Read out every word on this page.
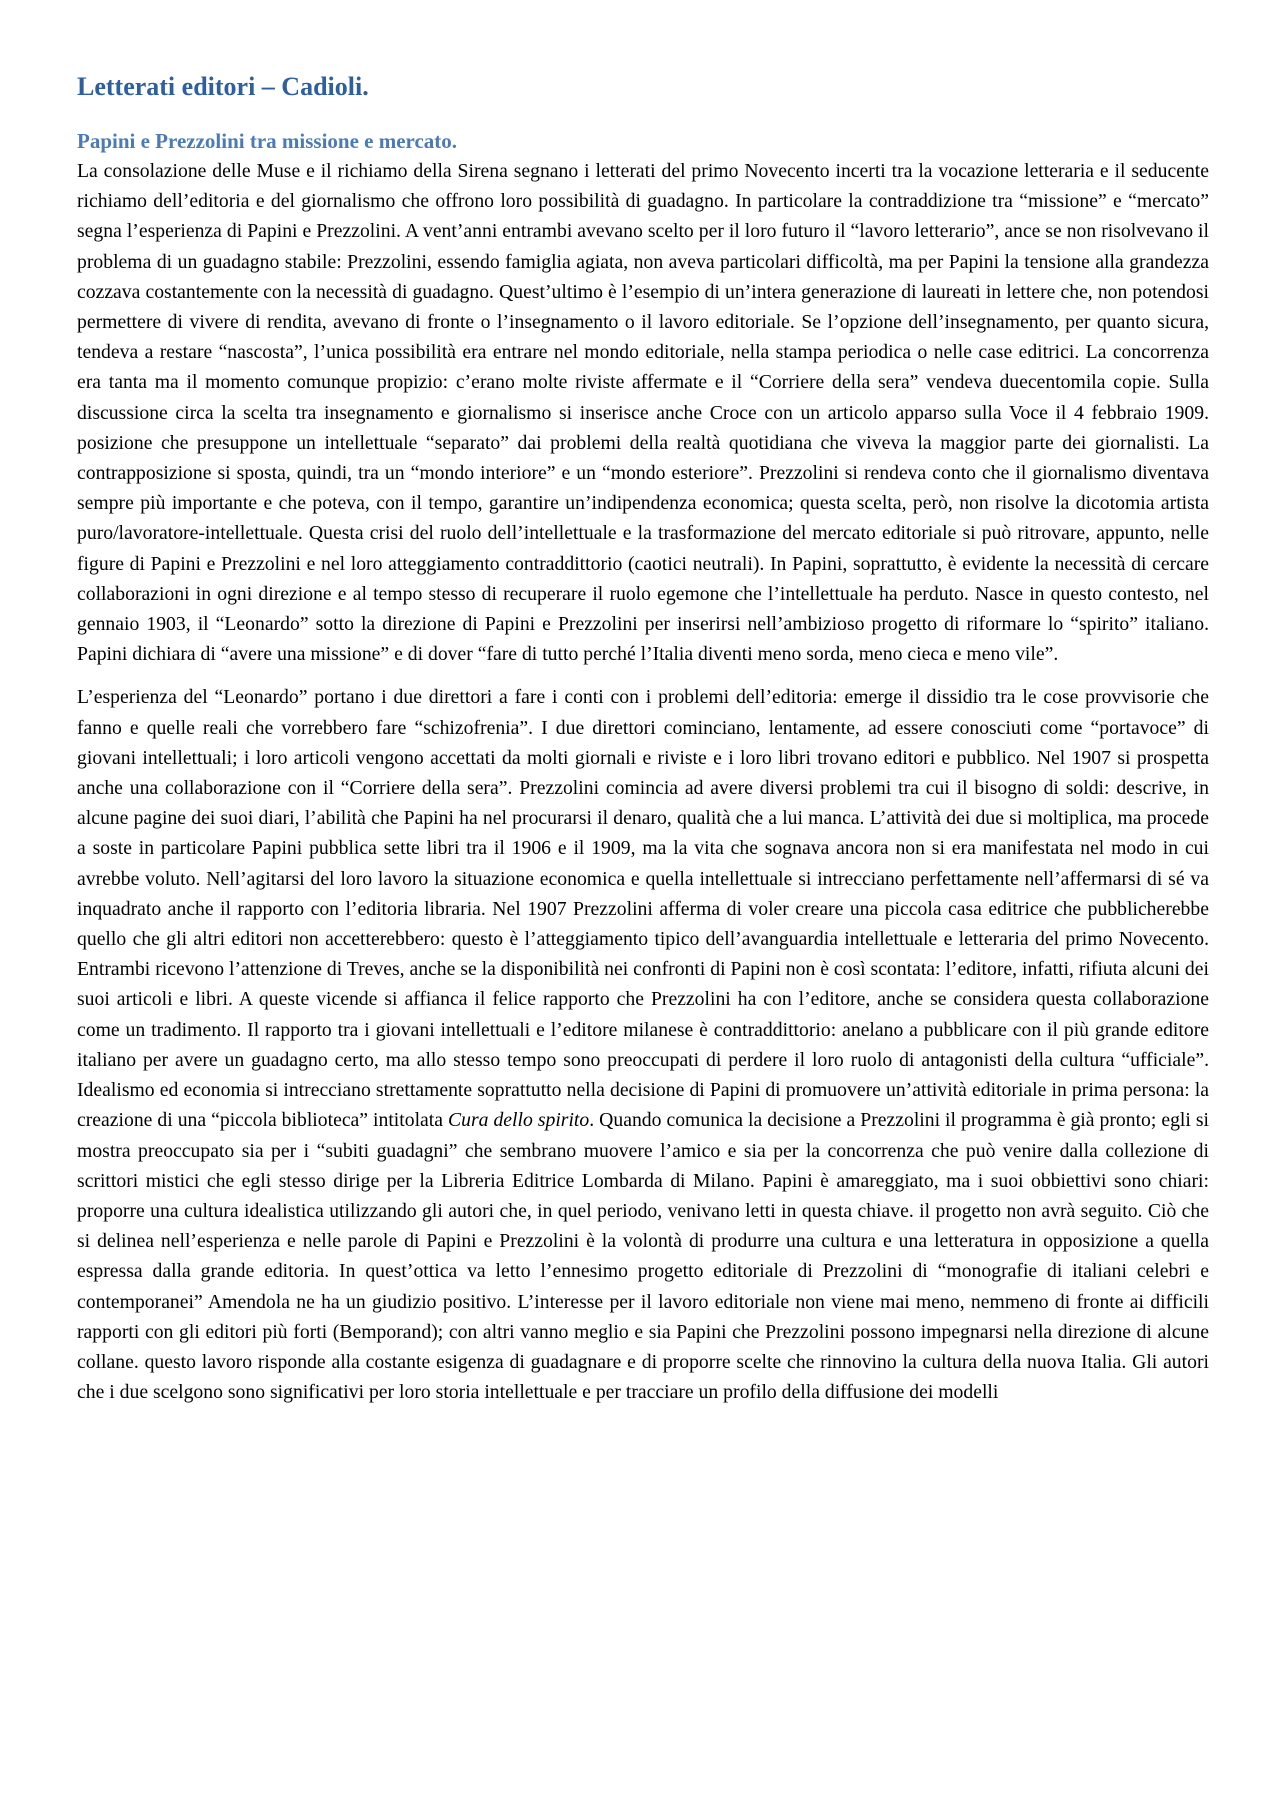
Letterati editori – Cadioli.
Papini e Prezzolini tra missione e mercato.

La consolazione delle Muse e il richiamo della Sirena segnano i letterati del primo Novecento incerti tra la vocazione letteraria e il seducente richiamo dell’editoria e del giornalismo che offrono loro possibilità di guadagno. In particolare la contraddizione tra “missione” e “mercato” segna l’esperienza di Papini e Prezzolini. A vent’anni entrambi avevano scelto per il loro futuro il “lavoro letterario”, ance se non risolvevano il problema di un guadagno stabile: Prezzolini, essendo famiglia agiata, non aveva particolari difficoltà, ma per Papini la tensione alla grandezza cozzava costantemente con la necessità di guadagno. Quest’ultimo è l’esempio di un’intera generazione di laureati in lettere che, non potendosi permettere di vivere di rendita, avevano di fronte o l’insegnamento o il lavoro editoriale. Se l’opzione dell’insegnamento, per quanto sicura, tendeva a restare “nascosta”, l’unica possibilità era entrare nel mondo editoriale, nella stampa periodica o nelle case editrici. La concorrenza era tanta ma il momento comunque propizio: c’erano molte riviste affermate e il “Corriere della sera” vendeva duecentomila copie. Sulla discussione circa la scelta tra insegnamento e giornalismo si inserisce anche Croce con un articolo apparso sulla Voce il 4 febbraio 1909. posizione che presuppone un intellettuale “separato” dai problemi della realtà quotidiana che viveva la maggior parte dei giornalisti. La contrapposizione si sposta, quindi, tra un “mondo interiore” e un “mondo esteriore”. Prezzolini si rendeva conto che il giornalismo diventava sempre più importante e che poteva, con il tempo, garantire un’indipendenza economica; questa scelta, però, non risolve la dicotomia artista puro/lavoratore-intellettuale. Questa crisi del ruolo dell’intellettuale e la trasformazione del mercato editoriale si può ritrovare, appunto, nelle figure di Papini e Prezzolini e nel loro atteggiamento contraddittorio (caotici neutrali). In Papini, soprattutto, è evidente la necessità di cercare collaborazioni in ogni direzione e al tempo stesso di recuperare il ruolo egemone che l’intellettuale ha perduto. Nasce in questo contesto, nel gennaio 1903, il “Leonardo” sotto la direzione di Papini e Prezzolini per inserirsi nell’ambizioso progetto di riformare lo “spirito” italiano. Papini dichiara di “avere una missione” e di dover “fare di tutto perché l’Italia diventi meno sorda, meno cieca e meno vile”.

L’esperienza del “Leonardo” portano i due direttori a fare i conti con i problemi dell’editoria: emerge il dissidio tra le cose provvisorie che fanno e quelle reali che vorrebbero fare “schizofrenia”. I due direttori cominciano, lentamente, ad essere conosciuti come “portavoce” di giovani intellettuali; i loro articoli vengono accettati da molti giornali e riviste e i loro libri trovano editori e pubblico. Nel 1907 si prospetta anche una collaborazione con il “Corriere della sera”. Prezzolini comincia ad avere diversi problemi tra cui il bisogno di soldi: descrive, in alcune pagine dei suoi diari, l’abilità che Papini ha nel procurarsi il denaro, qualità che a lui manca. L’attività dei due si moltiplica, ma procede a soste in particolare Papini pubblica sette libri tra il 1906 e il 1909, ma la vita che sognava ancora non si era manifestata nel modo in cui avrebbe voluto. Nell’agitarsi del loro lavoro la situazione economica e quella intellettuale si intrecciano perfettamente nell’affermarsi di sé va inquadrato anche il rapporto con l’editoria libraria. Nel 1907 Prezzolini afferma di voler creare una piccola casa editrice che pubblicherebbe quello che gli altri editori non accetterebbero: questo è l’atteggiamento tipico dell’avanguardia intellettuale e letteraria del primo Novecento. Entrambi ricevono l’attenzione di Treves, anche se la disponibilità nei confronti di Papini non è così scontata: l’editore, infatti, rifiuta alcuni dei suoi articoli e libri. A queste vicende si affianca il felice rapporto che Prezzolini ha con l’editore, anche se considera questa collaborazione come un tradimento. Il rapporto tra i giovani intellettuali e l’editore milanese è contraddittorio: anelano a pubblicare con il più grande editore italiano per avere un guadagno certo, ma allo stesso tempo sono preoccupati di perdere il loro ruolo di antagonisti della cultura “ufficiale”. Idealismo ed economia si intrecciano strettamente soprattutto nella decisione di Papini di promuovere un’attività editoriale in prima persona: la creazione di una “piccola biblioteca” intitolata Cura dello spirito. Quando comunica la decisione a Prezzolini il programma è già pronto; egli si mostra preoccupato sia per i “subiti guadagni” che sembrano muovere l’amico e sia per la concorrenza che può venire dalla collezione di scrittori mistici che egli stesso dirige per la Libreria Editrice Lombarda di Milano. Papini è amareggiato, ma i suoi obbiettivi sono chiari: proporre una cultura idealistica utilizzando gli autori che, in quel periodo, venivano letti in questa chiave. il progetto non avrà seguito. Ciò che si delinea nell’esperienza e nelle parole di Papini e Prezzolini è la volontà di produrre una cultura e una letteratura in opposizione a quella espressa dalla grande editoria. In quest’ottica va letto l’ennesimo progetto editoriale di Prezzolini di “monografie di italiani celebri e contemporanei” Amendola ne ha un giudizio positivo. L’interesse per il lavoro editoriale non viene mai meno, nemmeno di fronte ai difficili rapporti con gli editori più forti (Bemporand); con altri vanno meglio e sia Papini che Prezzolini possono impegnarsi nella direzione di alcune collane. questo lavoro risponde alla costante esigenza di guadagnare e di proporre scelte che rinnovino la cultura della nuova Italia. Gli autori che i due scelgono sono significativi per loro storia intellettuale e per tracciare un profilo della diffusione dei modelli
